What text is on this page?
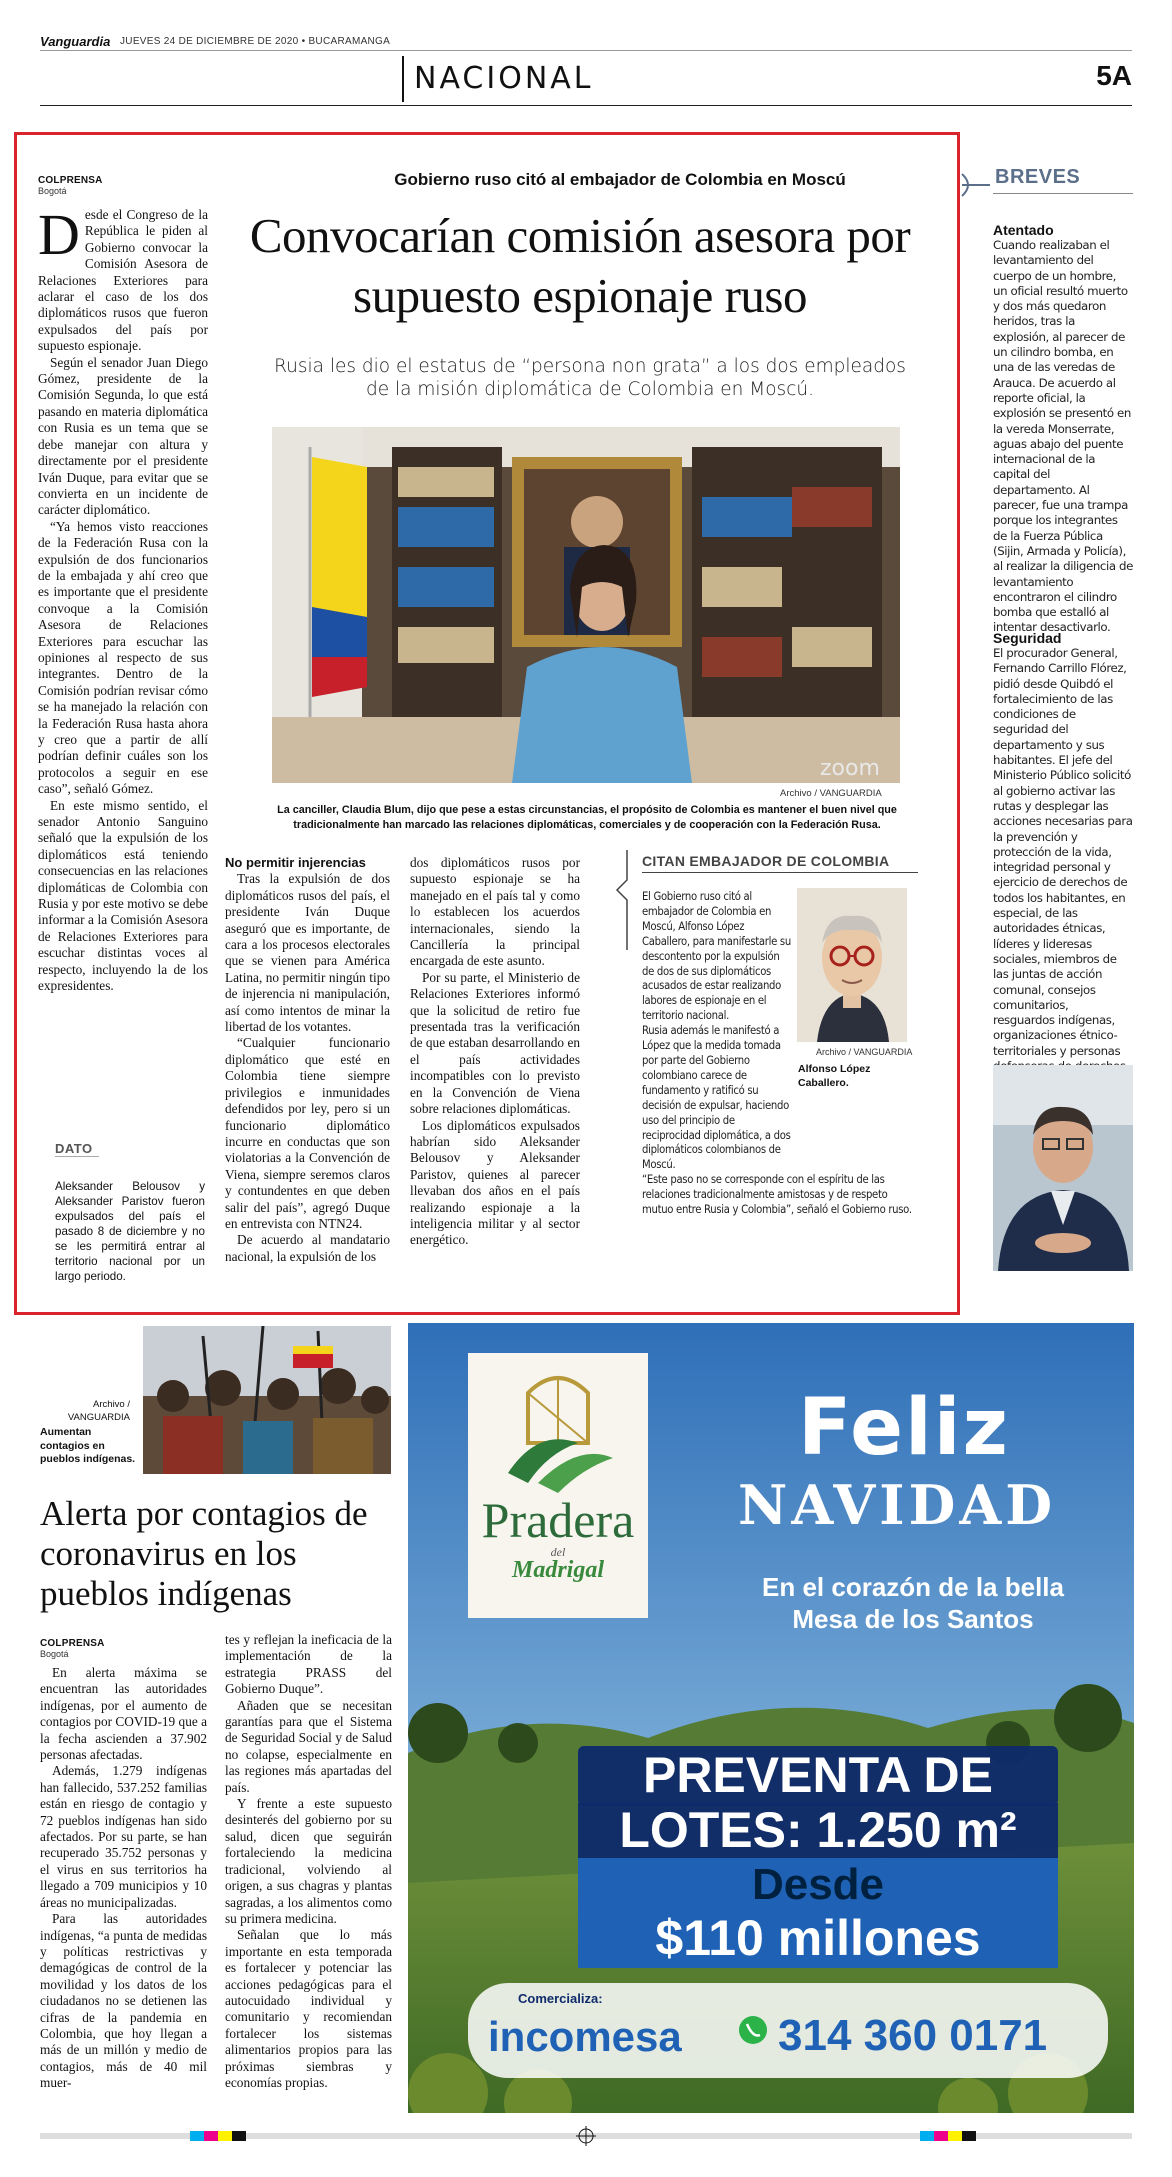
Vanguardia JUEVES 24 DE DICIEMBRE DE 2020 • BUCARAMANGA
NACIONAL	5A
COLPRENSA
Bogotá
Gobierno ruso citó al embajador de Colombia en Moscú
Convocarían comisión asesora por supuesto espionaje ruso
Rusia les dio el estatus de “persona non grata” a los dos empleados de la misión diplomática de Colombia en Moscú.
zoom
Archivo / VANGUARDIA
La canciller, Claudia Blum, dijo que pese a estas circunstancias, el propósito de Colombia es mantener el buen nivel que tradicionalmente han marcado las relaciones diplomáticas, comerciales y de cooperación con la Federación Rusa.
D esde el Congreso de la República le piden al Gobierno convocar la Comisión Asesora de Relaciones Exteriores para aclarar el caso de los dos diplomáticos rusos que fueron expulsados del país por supuesto espionaje.

Según el senador Juan Diego Gómez, presidente de la Comisión Segunda, lo que está pasando en materia diplomática con Rusia es un tema que se debe manejar con altura y directamente por el presidente Iván Duque, para evitar que se convierta en un incidente de carácter diplomático.

“Ya hemos visto reacciones de la Federación Rusa con la expulsión de dos funcionarios de la embajada y ahí creo que es importante que el presidente convoque a la Comisión Asesora de Relaciones Exteriores para escuchar las opiniones al respecto de sus integrantes. Dentro de la Comisión podrían revisar cómo se ha manejado la relación con la Federación Rusa hasta ahora y creo que a partir de allí podrían definir cuáles son los protocolos a seguir en ese caso”, señaló Gómez.

En este mismo sentido, el senador Antonio Sanguino señaló que la expulsión de los diplomáticos está teniendo consecuencias en las relaciones diplomáticas de Colombia con Rusia y por este motivo se debe informar a la Comisión Asesora de Relaciones Exteriores para escuchar distintas voces al respecto, incluyendo la de los expresidentes.

DATO
Aleksander Belousov y Aleksander Paristov fueron expulsados del país el pasado 8 de diciembre y no se les permitirá entrar al territorio nacional por un largo periodo.
No permitir injerencias

Tras la expulsión de dos diplomáticos rusos del país, el presidente Iván Duque aseguró que es importante, de cara a los procesos electorales que se vienen para América Latina, no permitir ningún tipo de injerencia ni manipulación, así como intentos de minar la libertad de los votantes.

“Cualquier funcionario diplomático que esté en Colombia tiene siempre privilegios e inmunidades defendidos por ley, pero si un funcionario diplomático incurre en conductas que son violatorias a la Convención de Viena, siempre seremos claros y contundentes en que deben salir del país”, agregó Duque en entrevista con NTN24.

De acuerdo al mandatario nacional, la expulsión de los

dos diplomáticos rusos por supuesto espionaje se ha manejado en el país tal y como lo establecen los acuerdos internacionales, siendo la Cancillería la principal encargada de este asunto.

Por su parte, el Ministerio de Relaciones Exteriores informó que la solicitud de retiro fue presentada tras la verificación de que estaban desarrollando en el país actividades incompatibles con lo previsto en la Convención de Viena sobre relaciones diplomáticas.

Los diplomáticos expulsados habrían sido Aleksander Belousov y Aleksander Paristov, quienes al parecer llevaban dos años en el país realizando espionaje a la inteligencia militar y al sector energético.

CITAN EMBAJADOR DE COLOMBIA
El Gobierno ruso citó al embajador de Colombia en Moscú, Alfonso López Caballero, para manifestarle su descontento por la expulsión de dos de sus diplomáticos acusados de estar realizando labores de espionaje en el territorio nacional.
Rusia además le manifestó a López que la medida tomada por parte del Gobierno colombiano carece de fundamento y ratificó su decisión de expulsar, haciendo uso del principio de reciprocidad diplomática, a dos diplomáticos colombianos de Moscú.
“Este paso no se corresponde con el espíritu de las relaciones tradicionalmente amistosas y de respeto mutuo entre Rusia y Colombia”, señaló el Gobierno ruso.
Archivo / VANGUARDIA
Alfonso López Caballero.
BREVES
Atentado
Cuando realizaban el levantamiento del cuerpo de un hombre, un oficial resultó muerto y dos más quedaron heridos, tras la explosión, al parecer de un cilindro bomba, en una de las veredas de Arauca. De acuerdo al reporte oficial, la explosión se presentó en la vereda Monserrate, aguas abajo del puente internacional de la capital del departamento. Al parecer, fue una trampa porque los integrantes de la Fuerza Pública (Sijin, Armada y Policía), al realizar la diligencia de levantamiento encontraron el cilindro bomba que estalló al intentar desactivarlo.
Seguridad
El procurador General, Fernando Carrillo Flórez, pidió desde Quibdó el fortalecimiento de las condiciones de seguridad del departamento y sus habitantes. El jefe del Ministerio Público solicitó al gobierno activar las rutas y desplegar las acciones necesarias para la prevención y protección de la vida, integridad personal y ejercicio de derechos de todos los habitantes, en especial, de las autoridades étnicas, líderes y lideresas sociales, miembros de las juntas de acción comunal, consejos comunitarios, resguardos indígenas, organizaciones étnico-territoriales y personas
Archivo / VANGUARDIA
Aumentan contagios en pueblos indígenas.
Alerta por contagios de coronavirus en los pueblos indígenas
COLPRENSA
Bogotá

En alerta máxima se encuentran las autoridades indígenas, por el aumento de contagios por COVID-19 que a la fecha ascienden a 37.902 personas afectadas.

Además, 1.279 indígenas han fallecido, 537.252 familias están en riesgo de contagio y 72 pueblos indígenas han sido afectados. Por su parte, se han recuperado 35.752 personas y el virus en sus territorios ha llegado a 709 municipios y 10 áreas no municipalizadas.

Para las autoridades indígenas, “a punta de medidas y políticas restrictivas y demagógicas de control de la movilidad y los datos de los ciudadanos no se detienen las cifras de la pandemia en Colombia, que hoy llegan a más de un millón y medio de contagios, más de 40 mil muer-

tes y reflejan la ineficacia de la implementación de la estrategia PRASS del Gobierno Duque”.

Añaden que se necesitan garantías para que el Sistema de Seguridad Social y de Salud no colapse, especialmente en las regiones más apartadas del país.

Y frente a este supuesto desinterés del gobierno por su salud, dicen que seguirán fortaleciendo la medicina tradicional, volviendo al origen, a sus chagras y plantas sagradas, a los alimentos como su primera medicina.

Señalan que lo más importante en esta temporada es fortalecer y potenciar las acciones pedagógicas para el autocuidado individual y comunitario y recomiendan fortalecer los sistemas alimentarios propios para las próximas siembras y economías propias.

Pradera
del
Madrigal
Feliz
NAVIDAD
En el corazón de la bella Mesa de los Santos
PREVENTA DE
LOTES: 1.250 m²
Desde
$110 millones
Comercializa:
incomesa 314 360 0171
